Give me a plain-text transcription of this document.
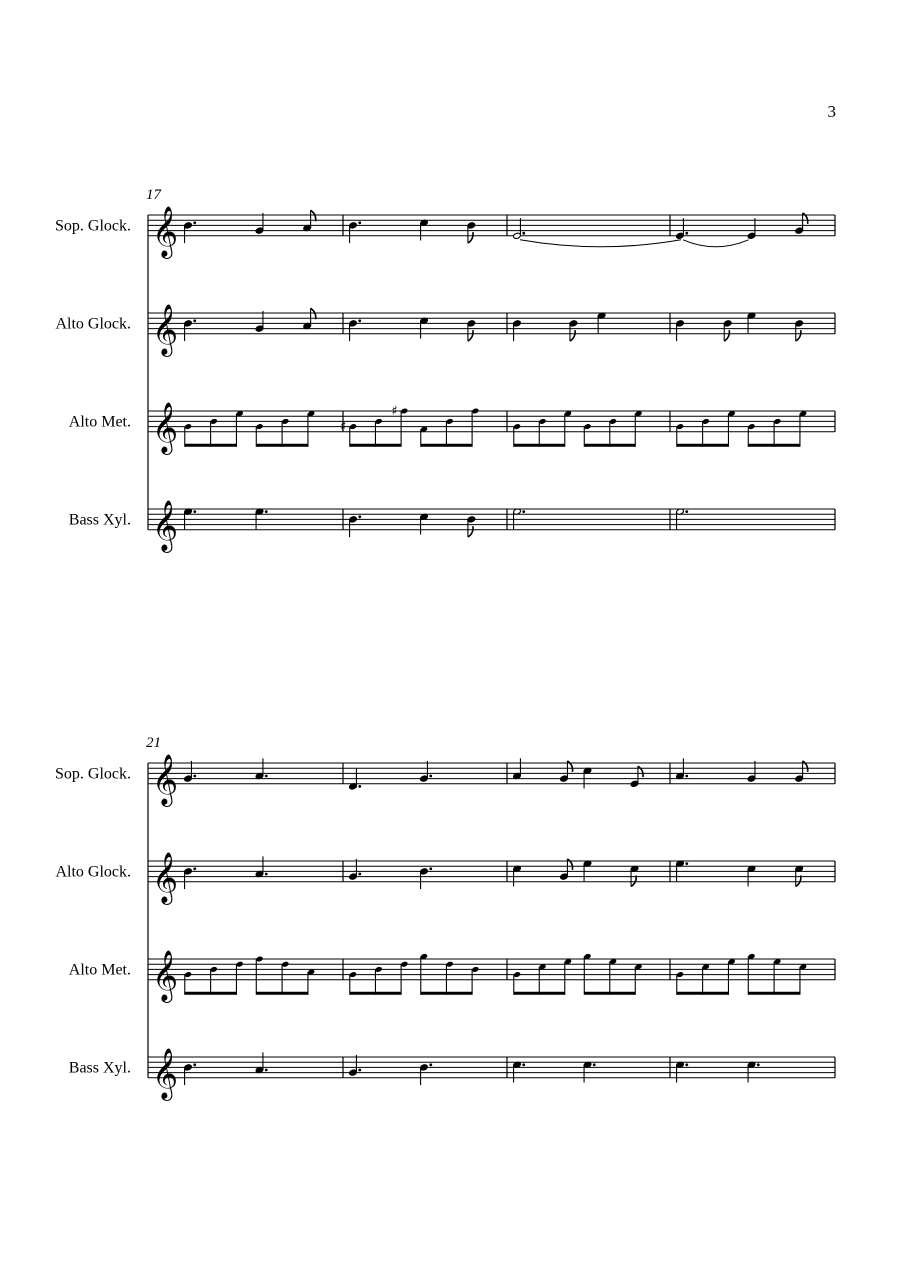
3
17
Sop. Glock. 𝄞
Alto Glock. 𝄞
Alto Met. 𝄞	♯
♯
Bass Xyl. 𝄞
21
Sop. Glock. 𝄞
Alto Glock. 𝄞
Alto Met. 𝄞
Bass Xyl. 𝄞
